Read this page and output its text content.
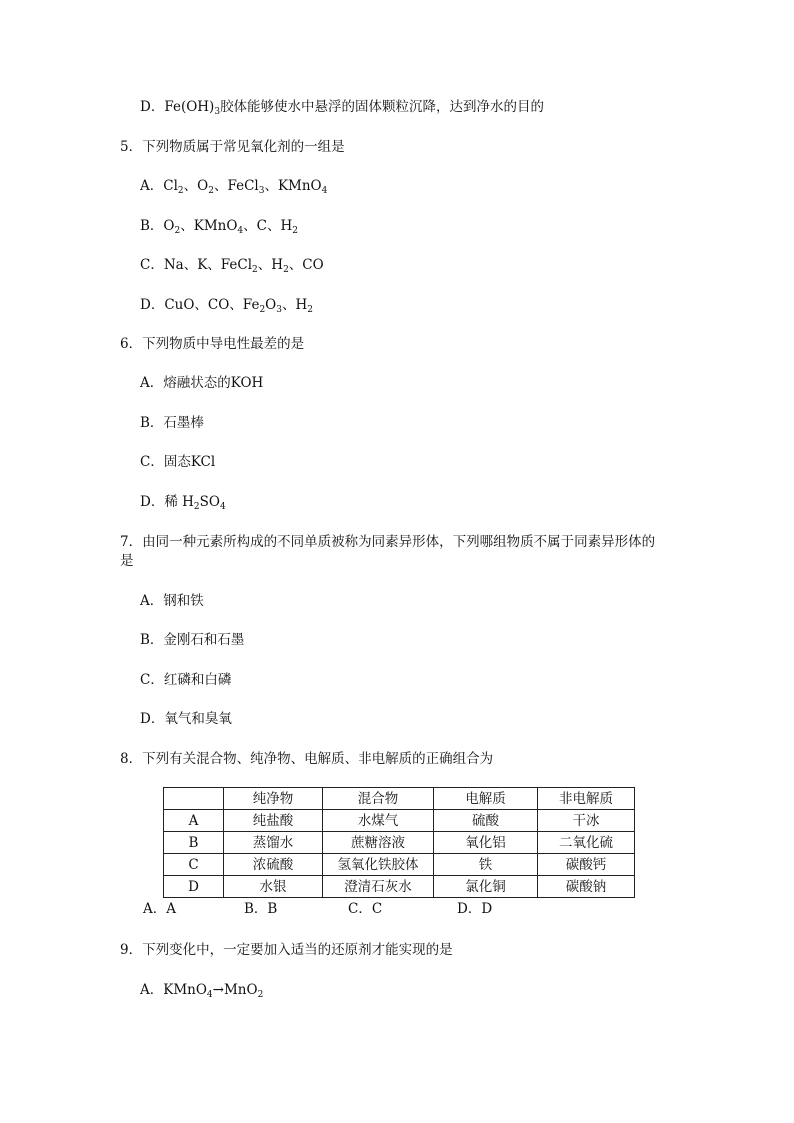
D．$Fe(OH)_3$胶体能够使水中悬浮的固体颗粒沉降，达到净水的目的
5．下列物质属于常见氧化剂的一组是
A．$Cl_2$、$O_2$、FeCl$_3$、KMnO$_4$
B．$O_2$、KMnO$_4$、C、$H_2$
C．Na、K、FeCl$_2$、$H_2$、CO
D．CuO、CO、$Fe_2O_3$、$H_2$
6．下列物质中导电性最差的是
A．熔融状态的KOH
B．石墨棒
C．固态KCl
D．稀 $H_2SO_4$
7．由同一种元素所构成的不同单质被称为同素异形体，下列哪组物质不属于同素异形体的
是
A．钢和铁
B．金刚石和石墨
C．红磷和白磷
D．氧气和臭氧
8．下列有关混合物、纯净物、电解质、非电解质的正确组合为
	纯净物	混合物	电解质	非电解质
A	纯盐酸	水煤气	硫酸	干冰
B	蒸馏水	蔗糖溶液	氧化铝	二氧化硫
C	浓硫酸	氢氧化铁胶体	铁	碳酸钙
D	水银	澄清石灰水	氯化铜	碳酸钠
A．A	B．B	C．C	D．D
9．下列变化中，一定要加入适当的还原剂才能实现的是
A．KMnO$_4$→MnO$_2$
